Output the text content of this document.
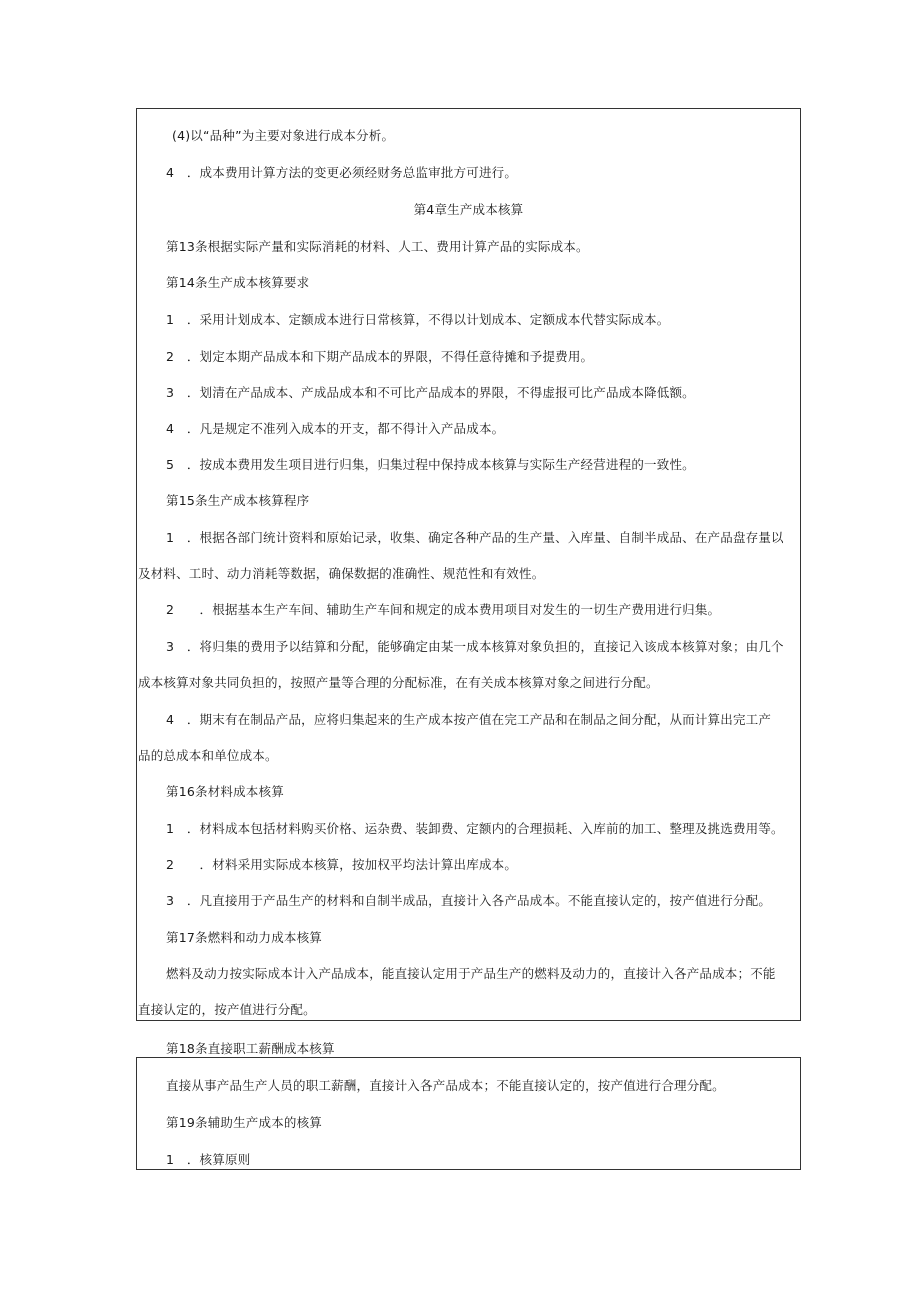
(4)以“品种”为主要对象进行成本分析。
4　．成本费用计算方法的变更必须经财务总监审批方可进行。
第4章生产成本核算
第13条根据实际产量和实际消耗的材料、人工、费用计算产品的实际成本。
第14条生产成本核算要求
1　．采用计划成本、定额成本进行日常核算，不得以计划成本、定额成本代替实际成本。
2　．划定本期产品成本和下期产品成本的界限，不得任意待摊和予提费用。
3　．划清在产品成本、产成品成本和不可比产品成本的界限，不得虚报可比产品成本降低额。
4　．凡是规定不准列入成本的开支，都不得计入产品成本。
5　．按成本费用发生项目进行归集，归集过程中保持成本核算与实际生产经营进程的一致性。
第15条生产成本核算程序
1　．根据各部门统计资料和原始记录，收集、确定各种产品的生产量、入库量、自制半成品、在产品盘存量以
及材料、工时、动力消耗等数据，确保数据的准确性、规范性和有效性。
2　　．根据基本生产车间、辅助生产车间和规定的成本费用项目对发生的一切生产费用进行归集。
3　．将归集的费用予以结算和分配，能够确定由某一成本核算对象负担的，直接记入该成本核算对象；由几个
成本核算对象共同负担的，按照产量等合理的分配标准，在有关成本核算对象之间进行分配。
4　．期末有在制品产品，应将归集起来的生产成本按产值在完工产品和在制品之间分配，从而计算出完工产
品的总成本和单位成本。
第16条材料成本核算
1　．材料成本包括材料购买价格、运杂费、装卸费、定额内的合理损耗、入库前的加工、整理及挑选费用等。
2　　．材料采用实际成本核算，按加权平均法计算出库成本。
3　．凡直接用于产品生产的材料和自制半成品，直接计入各产品成本。不能直接认定的，按产值进行分配。
第17条燃料和动力成本核算
燃料及动力按实际成本计入产品成本，能直接认定用于产品生产的燃料及动力的，直接计入各产品成本；不能
直接认定的，按产值进行分配。
第18条直接职工薪酬成本核算
直接从事产品生产人员的职工薪酬，直接计入各产品成本；不能直接认定的，按产值进行合理分配。
第19条辅助生产成本的核算
1　．核算原则
